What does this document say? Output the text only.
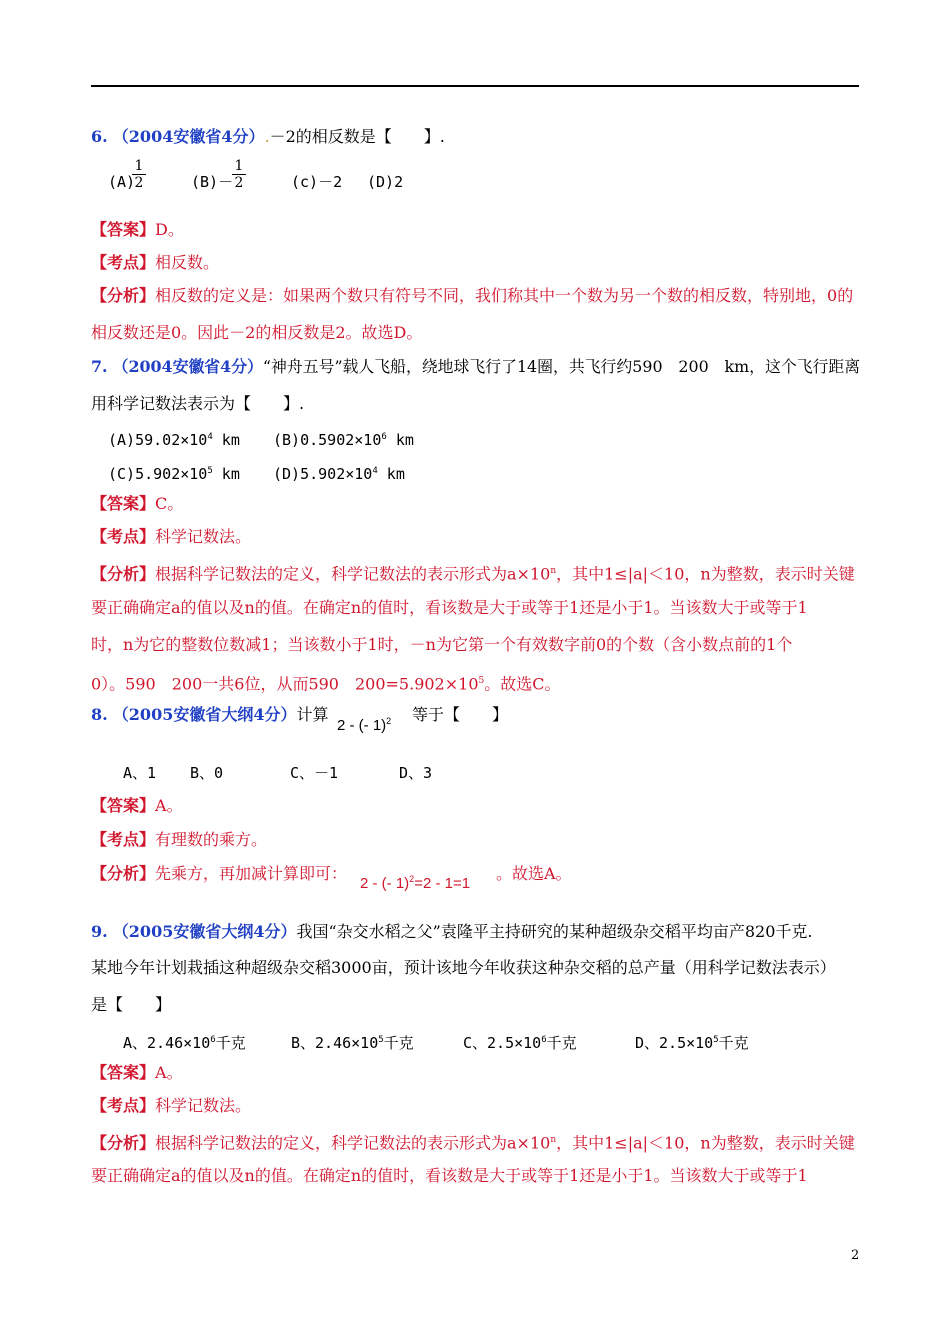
6. （2004安徽省4分）.－2的相反数是【　　】.
(A)
$\frac{1}{2}$	(B)－
$\frac{1}{2}$	(c)－2 (D)2
【答案】D。
【考点】相反数。
【分析】相反数的定义是：如果两个数只有符号不同，我们称其中一个数为另一个数的相反数，特别地，0的
相反数还是0。因此－2的相反数是2。故选D。
7. （2004安徽省4分）“神舟五号”载人飞船，绕地球飞行了14圈，共飞行约590　200　km，这个飞行距离
用科学记数法表示为【　　】.
$(A)59.02\times 10^4$ km $(B)0.5902\times 10^6$ km
$(C)5.902\times 10^5$ km $(D)5.902\times 10^4$ km
【答案】C。
【考点】科学记数法。
【分析】根据科学记数法的定义，科学记数法的表示形式为$a\times 10^n$，其中1≤|a|＜10，n为整数，表示时关键
要正确确定a的值以及n的值。在确定n的值时，看该数是大于或等于1还是小于1。当该数大于或等于1
时，n为它的整数位数减1；当该数小于1时，－n为它第一个有效数字前0的个数（含小数点前的1个
0）。590　200一共6位，从而590　$200=5.902\times 10^5$。故选C。
8. （2005安徽省大纲4分）计算
2 - (- 1)$^2$ 等于【　　】
A、1 B、0	C、－1	D、3
【答案】A。
【考点】有理数的乘方。
【分析】先乘方，再加减计算即可：
2 - (- 1)$^2$=2 - 1=1
。故选A。
9. （2005安徽省大纲4分）我国“杂交水稻之父”袁隆平主持研究的某种超级杂交稻平均亩产820千克.
某地今年计划栽插这种超级杂交稻3000亩，预计该地今年收获这种杂交稻的总产量（用科学记数法表示）
是【　　】
A、$2.46\times 10^6$千克	B、$2.46\times 10^5$千克	C、$2.5\times 10^6$千克	D、$2.5\times 10^5$千克
【答案】A。
【考点】科学记数法。
【分析】根据科学记数法的定义，科学记数法的表示形式为$a\times 10^n$，其中1≤|a|＜10，n为整数，表示时关键
要正确确定a的值以及n的值。在确定n的值时，看该数是大于或等于1还是小于1。当该数大于或等于1
2
